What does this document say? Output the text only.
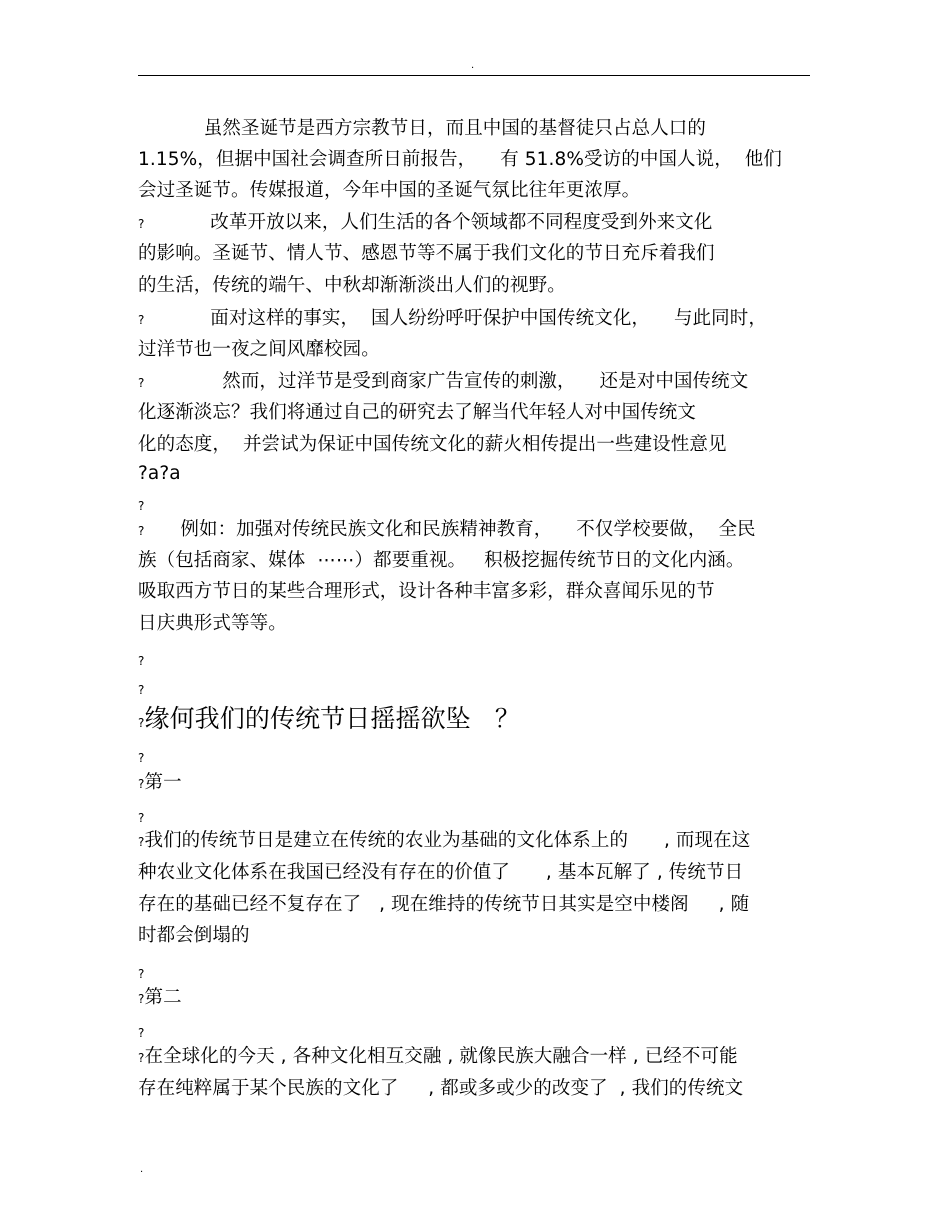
.
虽然圣诞节是西方宗教节日，而且中国的基督徒只占总人口的
1.15%，但据中国社会调查所日前报告，    有 51.8%受访的中国人说，  他们
会过圣诞节。传媒报道，今年中国的圣诞气氛比往年更浓厚。
?           改革开放以来，人们生活的各个领域都不同程度受到外来文化
的影响。圣诞节、情人节、感恩节等不属于我们文化的节日充斥着我们
的生活，传统的端午、中秋却渐渐淡出人们的视野。
?           面对这样的事实，  国人纷纷呼吁保护中国传统文化，    与此同时，
过洋节也一夜之间风靡校园。
?             然而，过洋节是受到商家广告宣传的刺激，    还是对中国传统文
化逐渐淡忘？我们将通过自己的研究去了解当代年轻人对中国传统文
化的态度，  并尝试为保证中国传统文化的薪火相传提出一些建设性意见
?a?a
?
?      例如：加强对传统民族文化和民族精神教育，    不仅学校要做，  全民
族（包括商家、媒体  ⋯⋯）都要重视。   积极挖掘传统节日的文化内涵。
吸取西方节日的某些合理形式，设计各种丰富多彩，群众喜闻乐见的节
日庆典形式等等。
?
?
?缘何我们的传统节日摇摇欲坠   ？
?
?第一
?
?我们的传统节日是建立在传统的农业为基础的文化体系上的      , 而现在这
种农业文化体系在我国已经没有存在的价值了      , 基本瓦解了 , 传统节日
存在的基础已经不复存在了   , 现在维持的传统节日其实是空中楼阁     , 随
时都会倒塌的
?
?第二
?
?在全球化的今天 , 各种文化相互交融 , 就像民族大融合一样 , 已经不可能
存在纯粹属于某个民族的文化了     , 都或多或少的改变了  , 我们的传统文
.
